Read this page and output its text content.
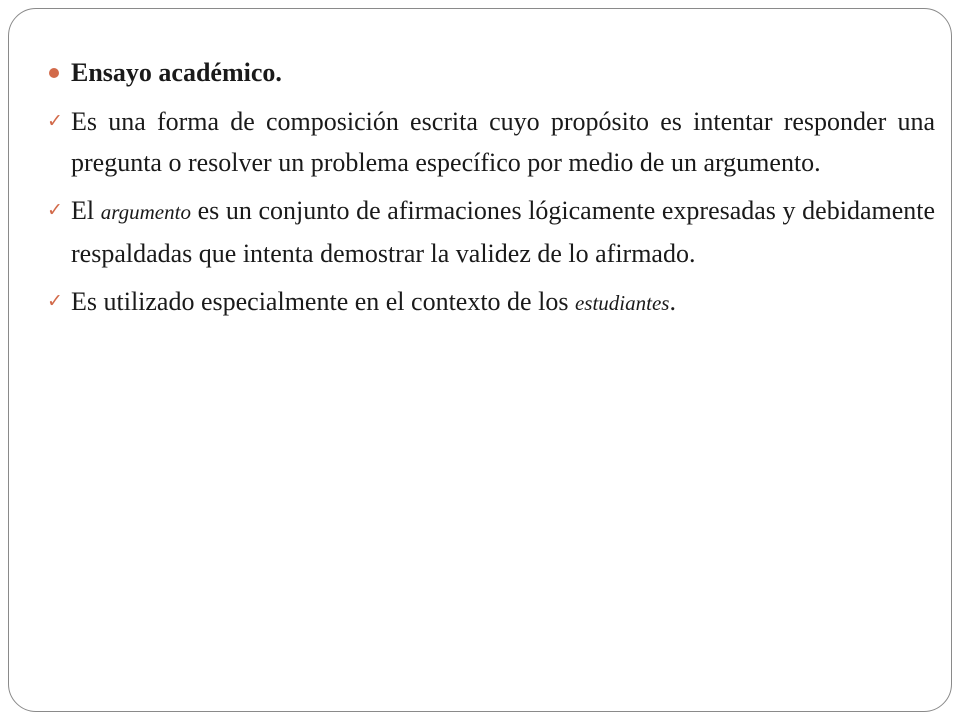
Ensayo académico.
✓ Es una forma de composición escrita cuyo propósito es intentar responder una pregunta o resolver un problema específico por medio de un argumento.
✓ El argumento es un conjunto de afirmaciones lógicamente expresadas y debidamente respaldadas que intenta demostrar la validez de lo afirmado.
✓ Es utilizado especialmente en el contexto de los estudiantes.
